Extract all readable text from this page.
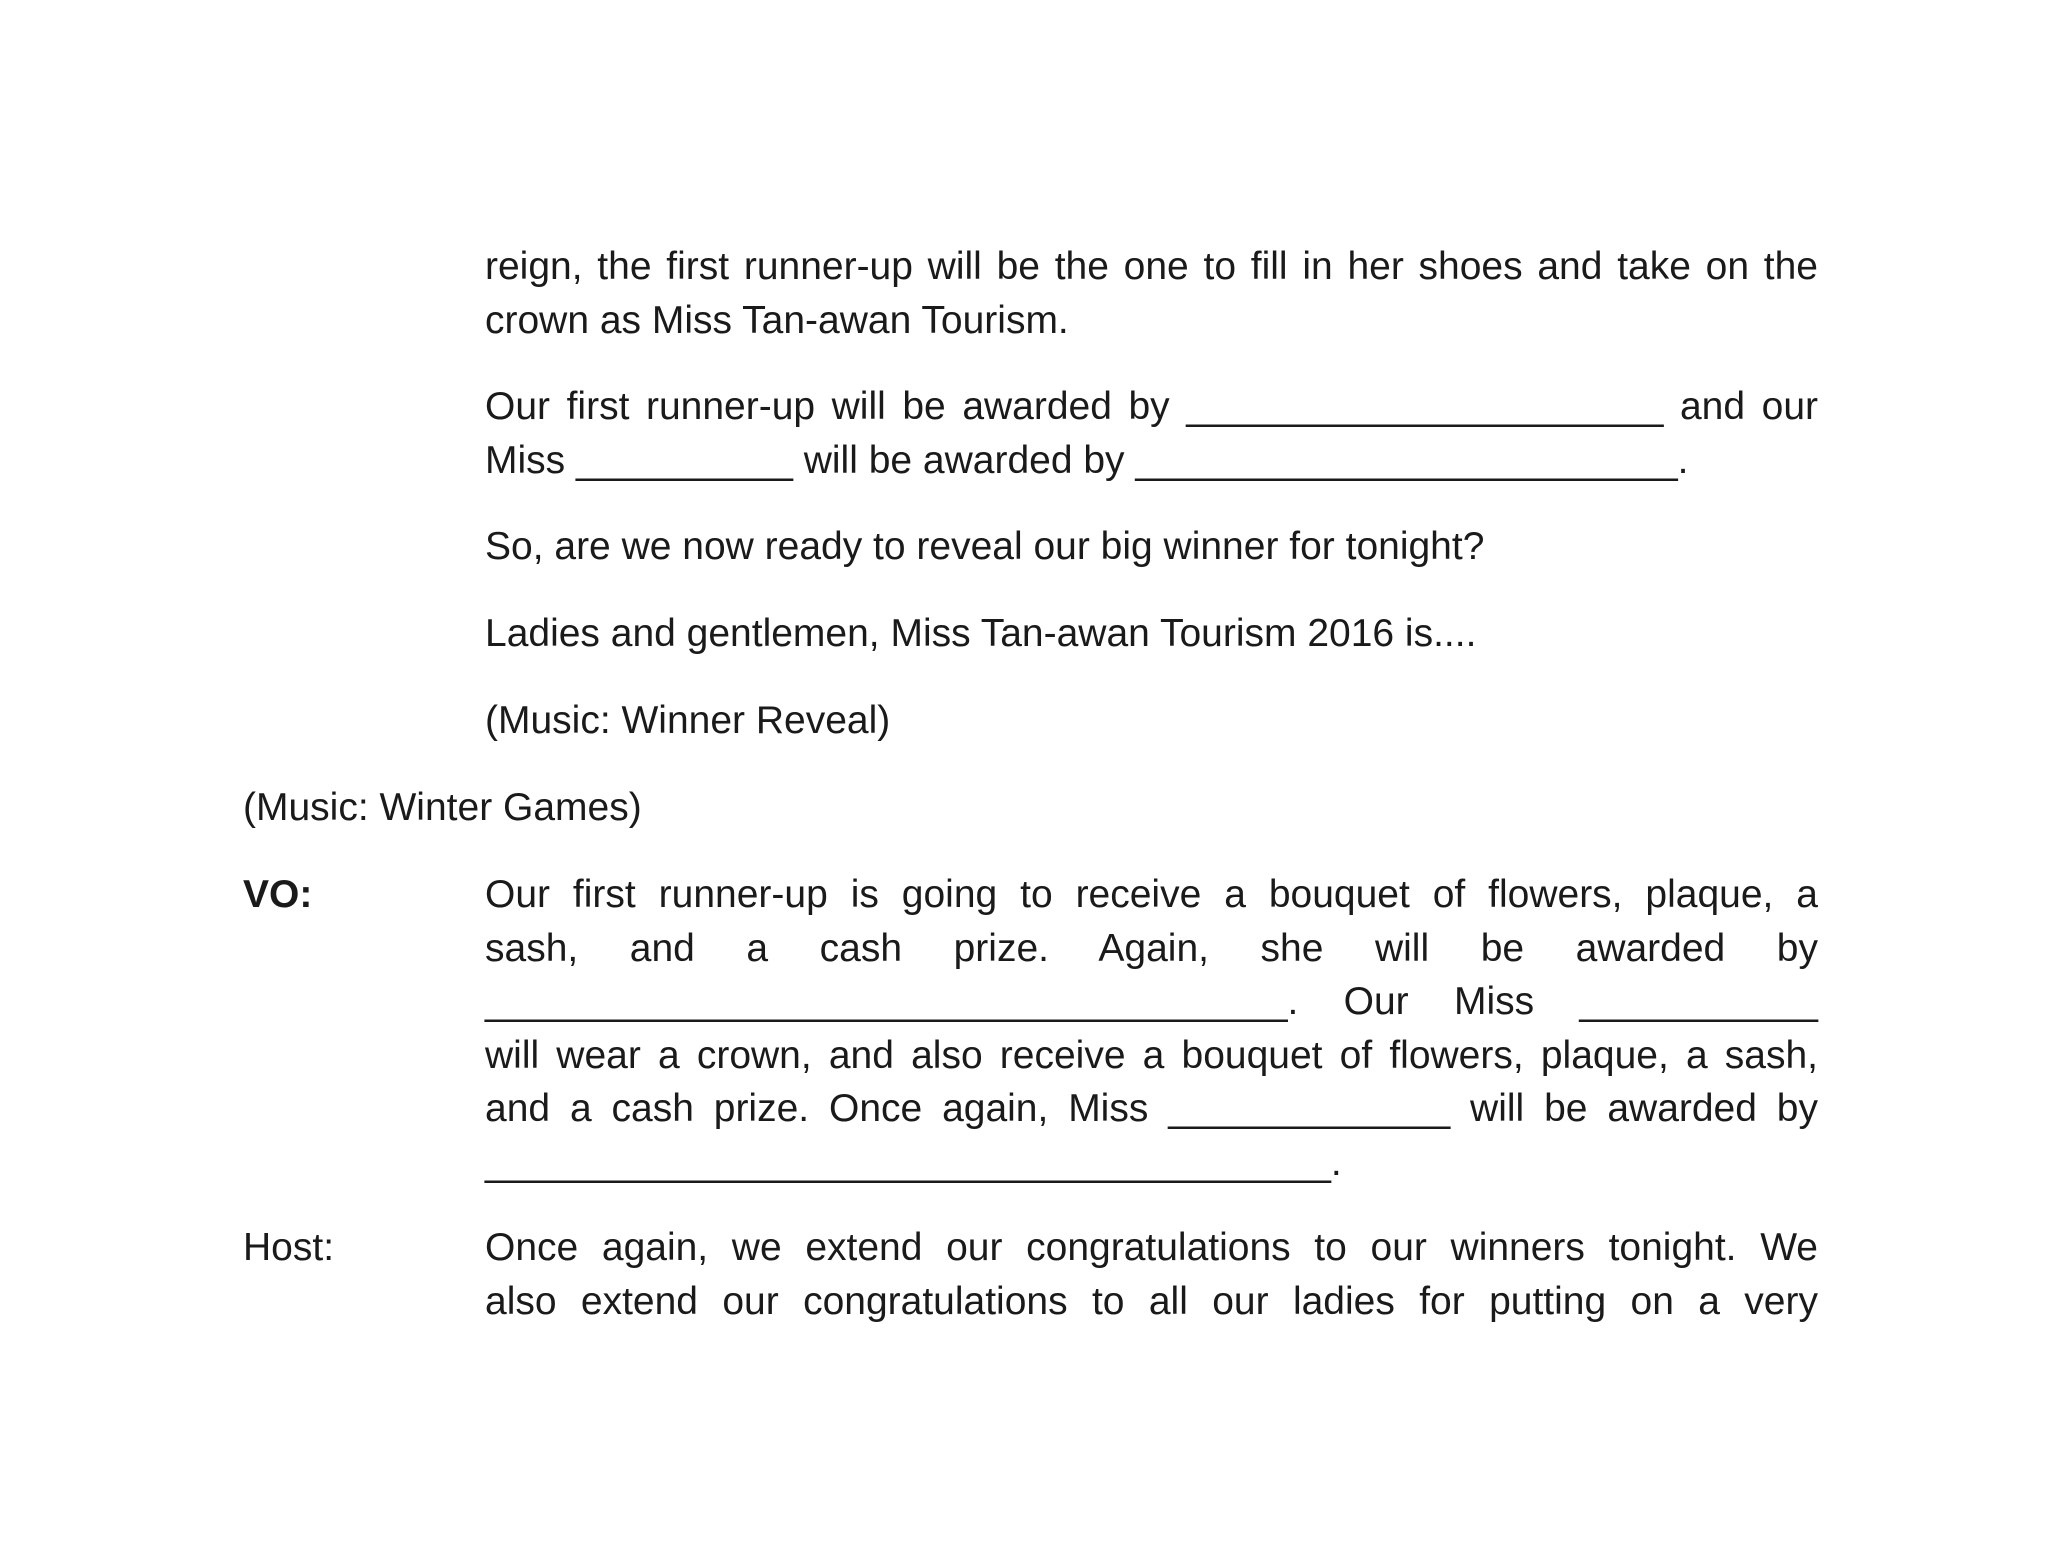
reign, the first runner-up will be the one to fill in her shoes and take on the
crown as Miss Tan-awan Tourism.
Our first runner-up will be awarded by ______________________ and our
Miss __________ will be awarded by _________________________.
So, are we now ready to reveal our big winner for tonight?
Ladies and gentlemen, Miss Tan-awan Tourism 2016 is....
(Music: Winner Reveal)
(Music: Winter Games)
VO:	Our first runner-up is going to receive a bouquet of flowers, plaque, a
sash, and a cash prize. Again, she will be awarded by
_____________________________________. Our Miss ___________
will wear a crown, and also receive a bouquet of flowers, plaque, a sash,
and a cash prize. Once again, Miss _____________ will be awarded by
_______________________________________.
Host:	Once again, we extend our congratulations to our winners tonight. We
also extend our congratulations to all our ladies for putting on a very
